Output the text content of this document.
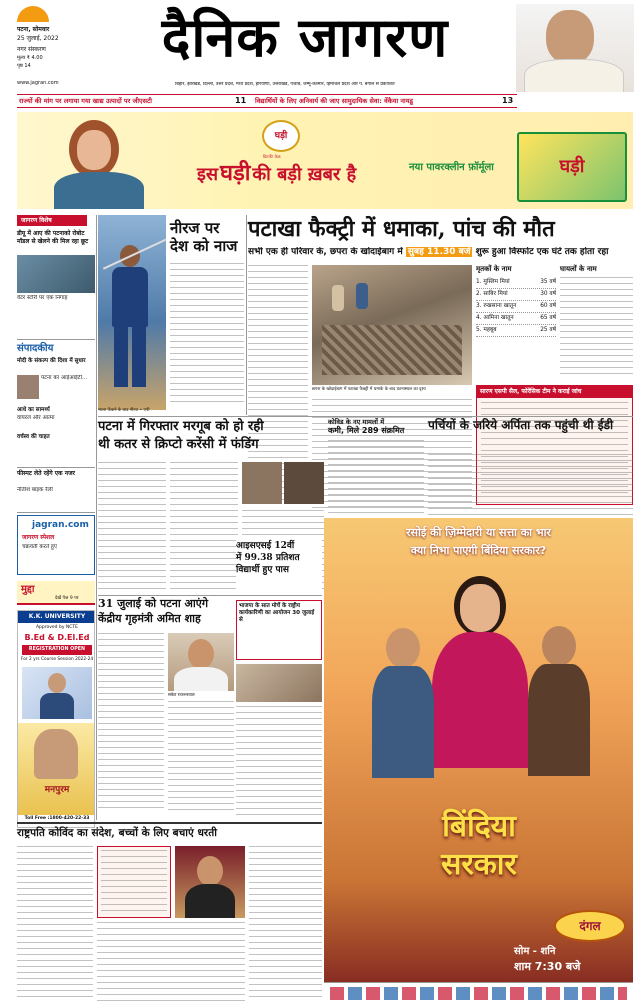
पटना, सोमवार
25 जुलाई, 2022
नगर संस्करण
मूल्य ₹ 4.00
पृष्ठ 14
www.jagran.com
दैनिक जागरण
बिहार, झारखंड, दिल्ली, उत्तर प्रदेश, मध्य प्रदेश, हरियाणा, उत्तराखंड, पंजाब, जम्मू-कश्मीर, हिमाचल प्रदेश और प. बंगाल से प्रकाशित
राज्यों की मांग पर लगाया गया खाद्य उत्पादों पर जीएसटी	11 विद्यार्थियों के लिए अनिवार्य की जाए सामुदायिक सेवा: वेंकैया नायडू	13
घड़ी
डिटर्जेंट केक
इस घड़ी की बड़ी ख़बर है	नया पावरक्लीन फ़ॉर्मूला	घड़ी
जागरण विशेष
डीयू में आए की पटनाको रोबोट मॉडल से खेलने की मिल रहा छूट
वेटर स्टोरी पर एक निगाह
संपादकीय
मोदी के संकल्प की दिशा में सुधार
पटना का आईआईटी...
आधे का सामर्थ्य
वायरल और आत्मा
वर्चस्व की चाहत
फीस्पट लेते रहेंगे एक नजर
नीतीश बाइक रैली
jagran.com
जागरण स्पेशल
चक्रवर्ती करते हुए
मुद्दा
देखें पेज 9 पर
K.K. UNIVERSITY
Approved by NCTE
B.Ed & D.El.Ed
REGISTRATION OPEN
For 2 yrs Course Session 2022-24
मनपुरम
Toll Free :1800-420-22-33
भाला फेंकने के बाद नीरज • एपी
नीरज पर
देश को नाज
पटाखा फैक्ट्री में धमाका, पांच की मौत
सभी एक ही परिवार के, छपरा के खोदाईबाग में सुबह 11.30 बजे शुरू हुआ विस्फोट एक घंटे तक होता रहा
छपरा के खोदाईबाग में पटाखा फैक्ट्री में धमाके के बाद घटनास्थल का दृश्य
मृतकों के नाम
1. मुस्लिम मियां	35 वर्ष
2. साबिर मियां	30 वर्ष
3. रुखसाना खातून	60 वर्ष
4. आमिना खातून	65 वर्ष
5. महबूब	25 वर्ष
घायलों के नाम
सारण एसपी सैल, फोरेंसिक टीम ने कराई जांच
पटना में गिरफ्तार मरगूब को हो रही
थी कतर से क्रिप्टो करेंसी में फंडिंग
कोविड के नए मामलों में
कमी, मिले 289 संक्रमित	पर्चियों के जरिये अर्पिता तक पहुंची थी ईडी
रसोई की ज़िम्मेदारी या सत्ता का भार
क्या निभा पाएगी बिंदिया सरकार?
बिंदिया सरकार
दंगल
सोम - शनि
शाम 7:30 बजे
31 जुलाई को पटना आएंगे
केंद्रीय गृहमंत्री अमित शाह
सकेत राजभरवाल
भाजपा के सात मोर्चे के राष्ट्रीय कार्यकारिणी का आयोजन 30 जुलाई से
आइसएसई 12वीं
में 99.38 प्रतिशत
विद्यार्थी हुए पास
राष्ट्रपति कोविंद का संदेश, बच्चों के लिए बचाएं धरती
